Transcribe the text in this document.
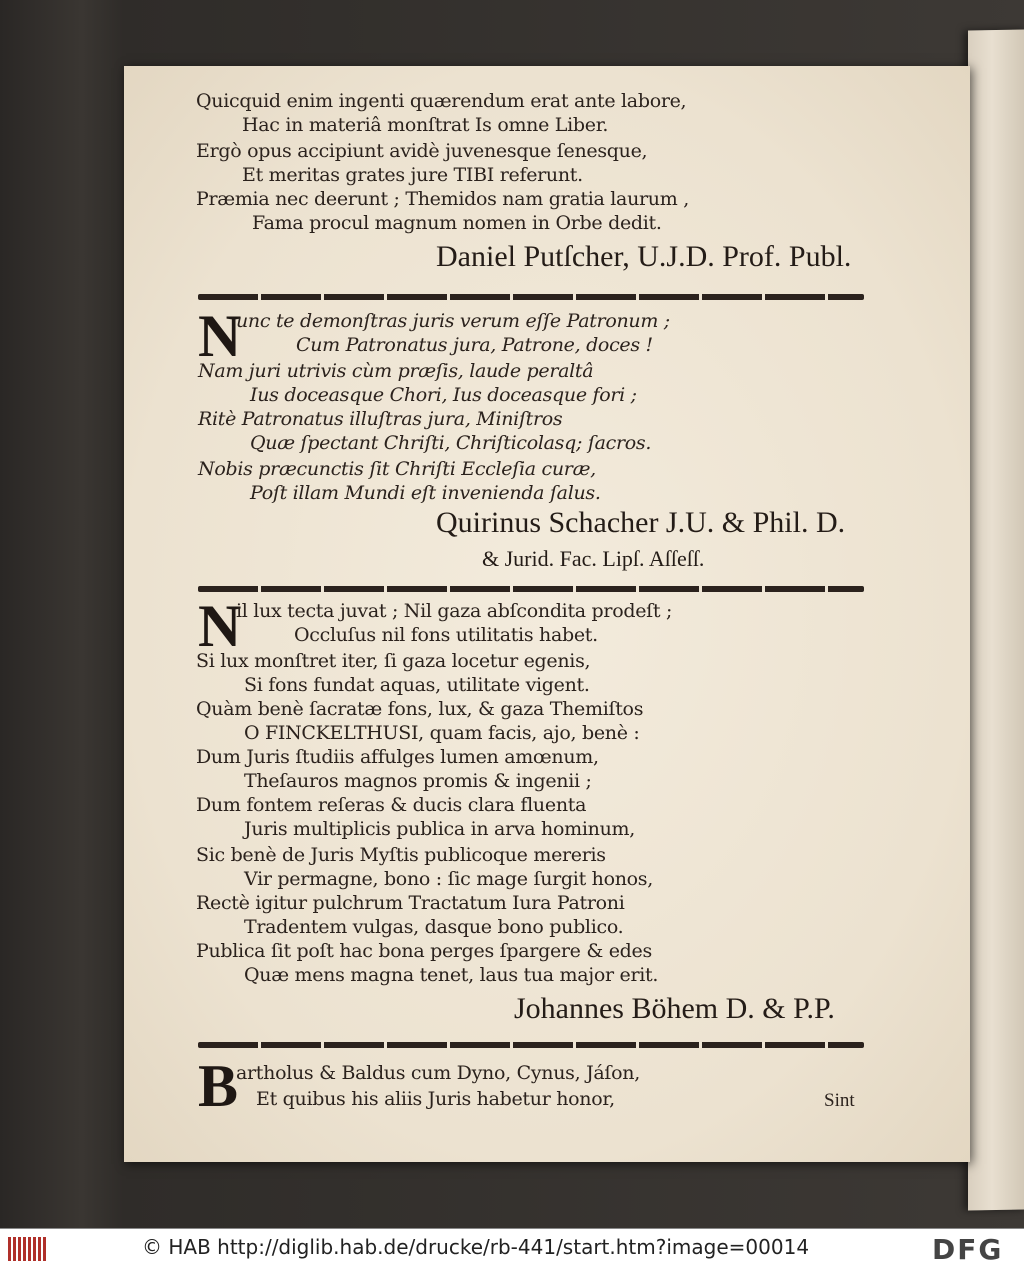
Quicquid enim ingenti quærendum erat ante labore,
Hac in materiâ monſtrat Is omne Liber.
Ergò opus accipiunt avidè juvenesque ſenesque,
Et meritas grates jure TIBI referunt.
Præmia nec deerunt ; Themidos nam gratia laurum ,
Fama procul magnum nomen in Orbe dedit.
Daniel Putſcher, U.J.D. Prof. Publ.
N
unc te demonſtras juris verum eſſe Patronum ;
Cum Patronatus jura, Patrone, doces !
Nam juri utrivis cùm præſis, laude peraltâ
Ius doceasque Chori, Ius doceasque fori ;
Ritè Patronatus illuſtras jura, Miniſtros
Quæ ſpectant Chriſti, Chriſticolasq; ſacros.
Nobis præcunctis ſit Chriſti Eccleſia curæ,
Poſt illam Mundi eſt invenienda ſalus.
Quirinus Schacher J.U. & Phil. D.
& Jurid. Fac. Lipſ. Aſſeſſ.
N
il lux tecta juvat ; Nil gaza abſcondita prodeſt ;
Occluſus nil fons utilitatis habet.
Si lux monſtret iter, ſi gaza locetur egenis,
Si fons fundat aquas, utilitate vigent.
Quàm benè ſacratæ fons, lux, & gaza Themiſtos
O FINCKELTHUSI, quam facis, ajo, benè :
Dum Juris ſtudiis affulges lumen amœnum,
Theſauros magnos promis & ingenii ;
Dum fontem reſeras & ducis clara fluenta
Juris multiplicis publica in arva hominum,
Sic benè de Juris Myſtis publicoque mereris
Vir permagne, bono : ſic mage ſurgit honos,
Rectè igitur pulchrum Tractatum Iura Patroni
Tradentem vulgas, dasque bono publico.
Publica ſit poſt hac bona perges ſpargere & edes
Quæ mens magna tenet, laus tua major erit.
Johannes Böhem D. & P.P.
B
artholus & Baldus cum Dyno, Cynus, Jáſon,
Et quibus his aliis Juris habetur honor,	Sint
© HAB http://diglib.hab.de/drucke/rb-441/start.htm?image=00014	DFG
